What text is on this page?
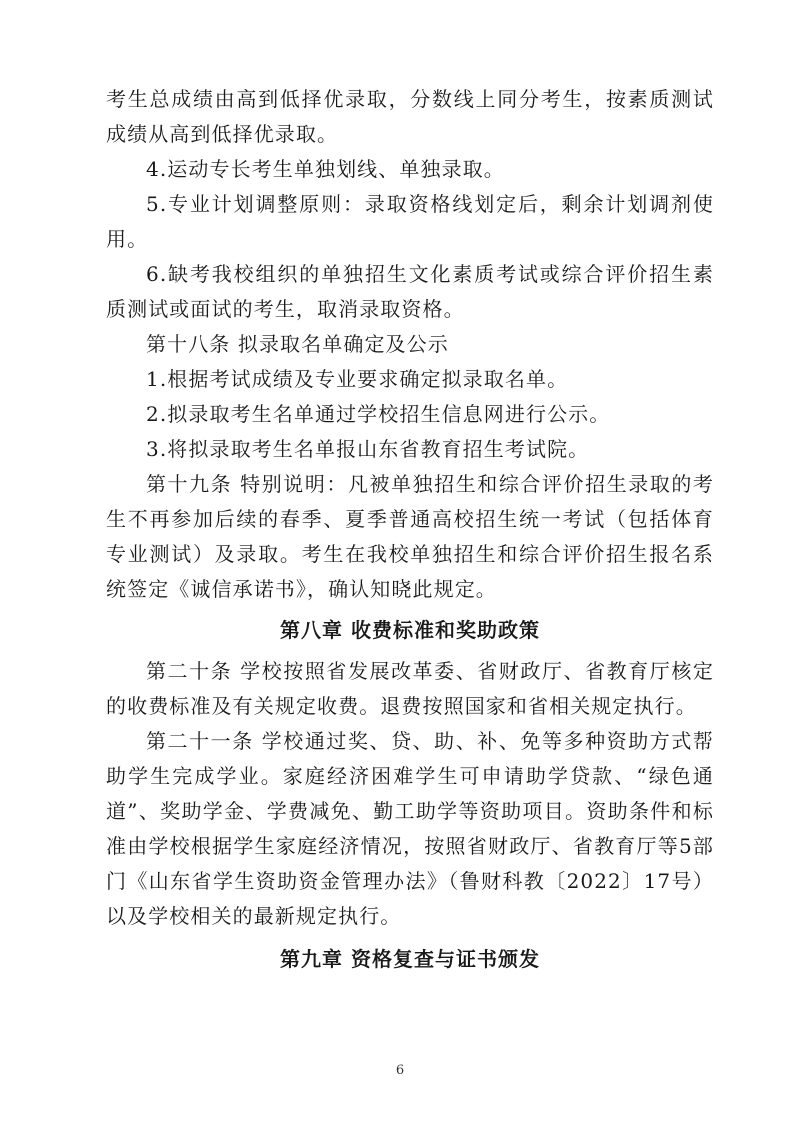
考生总成绩由高到低择优录取，分数线上同分考生，按素质测试成绩从高到低择优录取。

4.运动专长考生单独划线、单独录取。

5.专业计划调整原则：录取资格线划定后，剩余计划调剂使用。

6.缺考我校组织的单独招生文化素质考试或综合评价招生素质测试或面试的考生，取消录取资格。

第十八条 拟录取名单确定及公示

1.根据考试成绩及专业要求确定拟录取名单。

2.拟录取考生名单通过学校招生信息网进行公示。

3.将拟录取考生名单报山东省教育招生考试院。

第十九条 特别说明：凡被单独招生和综合评价招生录取的考生不再参加后续的春季、夏季普通高校招生统一考试（包括体育专业测试）及录取。考生在我校单独招生和综合评价招生报名系统签定《诚信承诺书》，确认知晓此规定。

第八章 收费标准和奖助政策

第二十条 学校按照省发展改革委、省财政厅、省教育厅核定的收费标准及有关规定收费。退费按照国家和省相关规定执行。

第二十一条 学校通过奖、贷、助、补、免等多种资助方式帮助学生完成学业。家庭经济困难学生可申请助学贷款、“绿色通道”、奖助学金、学费减免、勤工助学等资助项目。资助条件和标准由学校根据学生家庭经济情况，按照省财政厅、省教育厅等5部门《山东省学生资助资金管理办法》（鲁财科教〔2022〕17号）以及学校相关的最新规定执行。

第九章 资格复查与证书颁发
6
